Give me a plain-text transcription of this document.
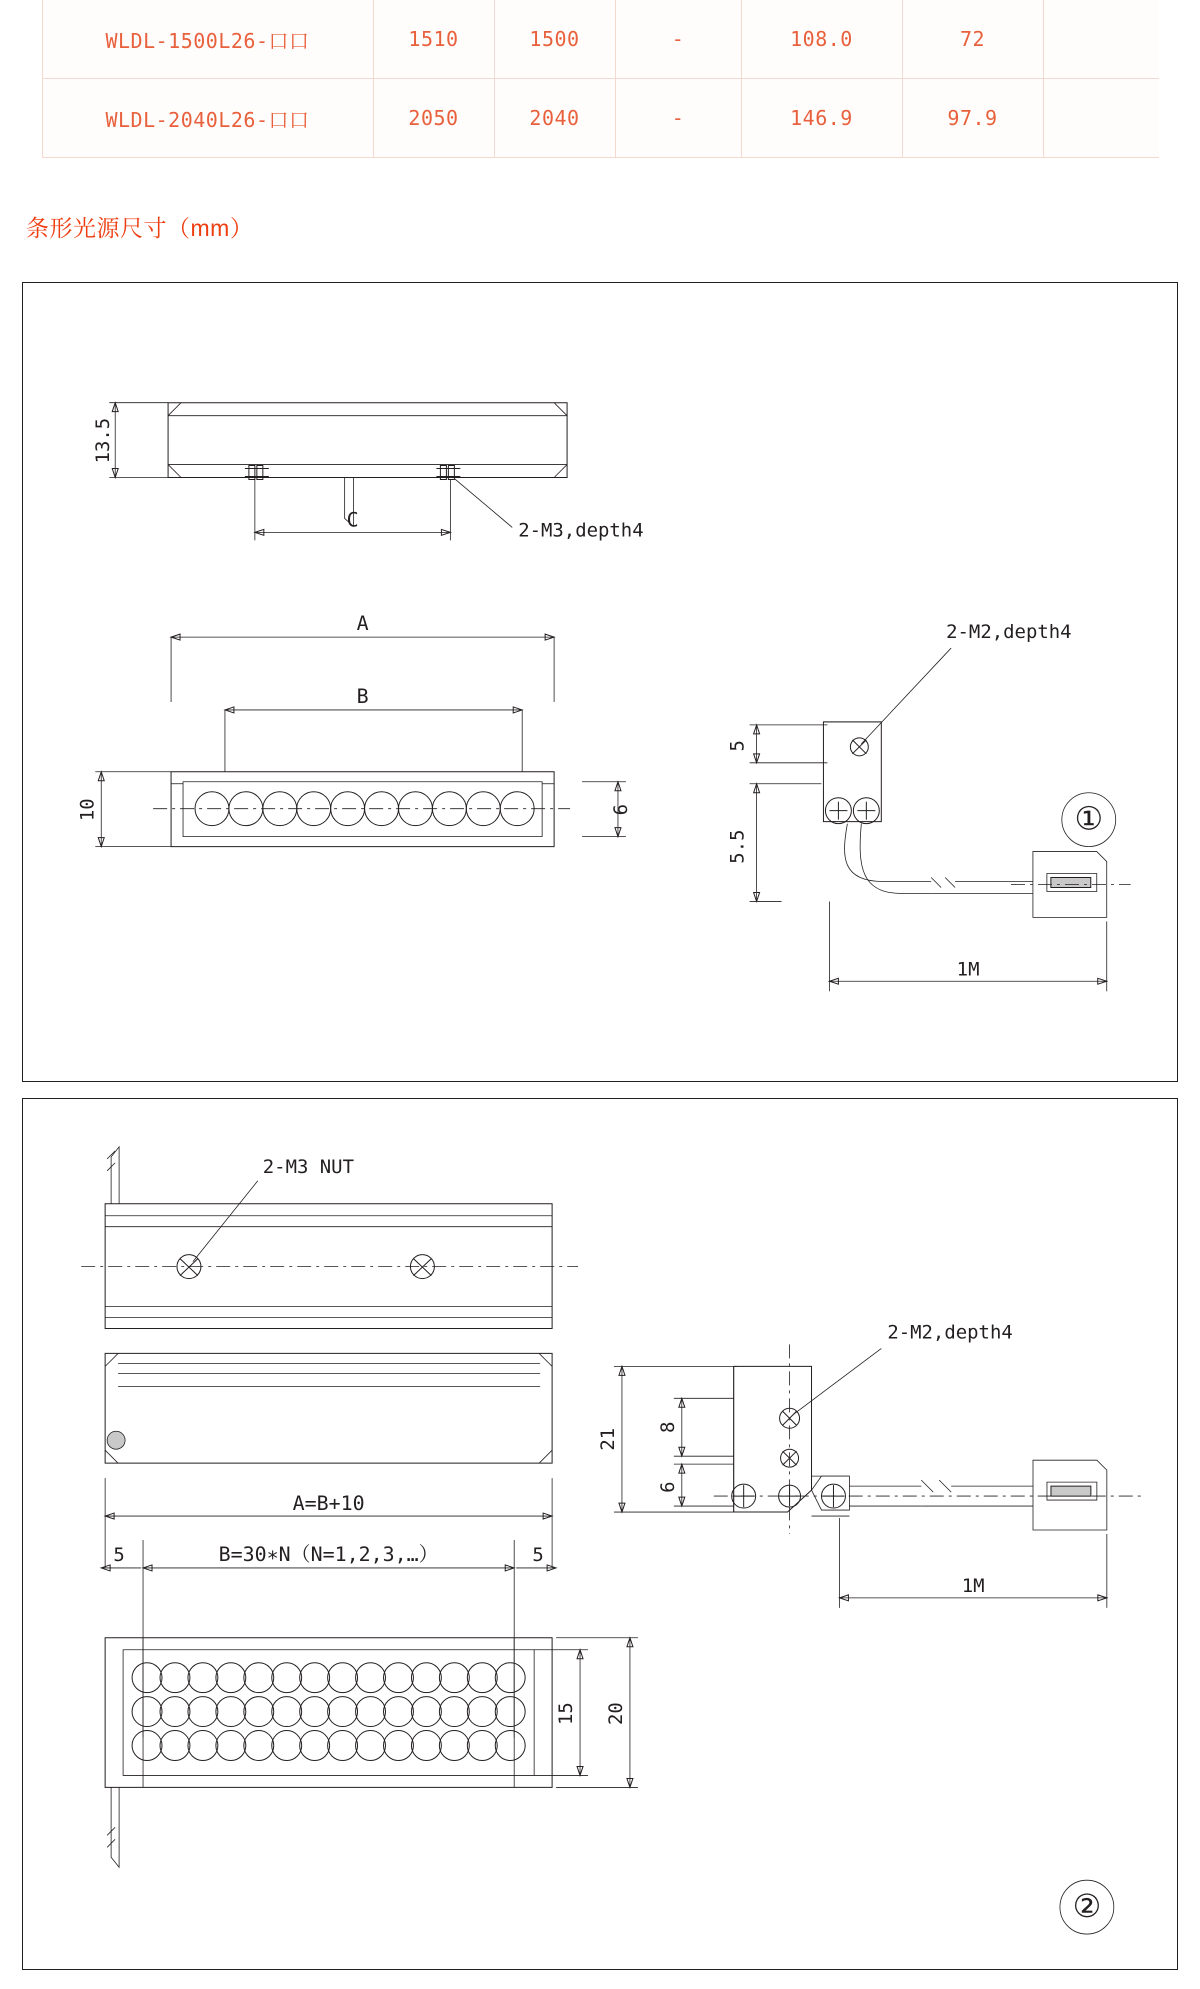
WLDL-1500L26-口口	1510	1500	-	108.0	72	
WLDL-2040L26-口口	2050	2040	-	146.9	97.9	
条形光源尺寸（mm）
13.5
C	2-M3,depth4
A
B
10	6
2-M2,depth4
5
5.5
1M
①
2-M3 NUT
A=B+10
B=30∗N（N=1,2,3,…）
5	5
15 20
2-M2,depth4
21
8
6
1M
②
